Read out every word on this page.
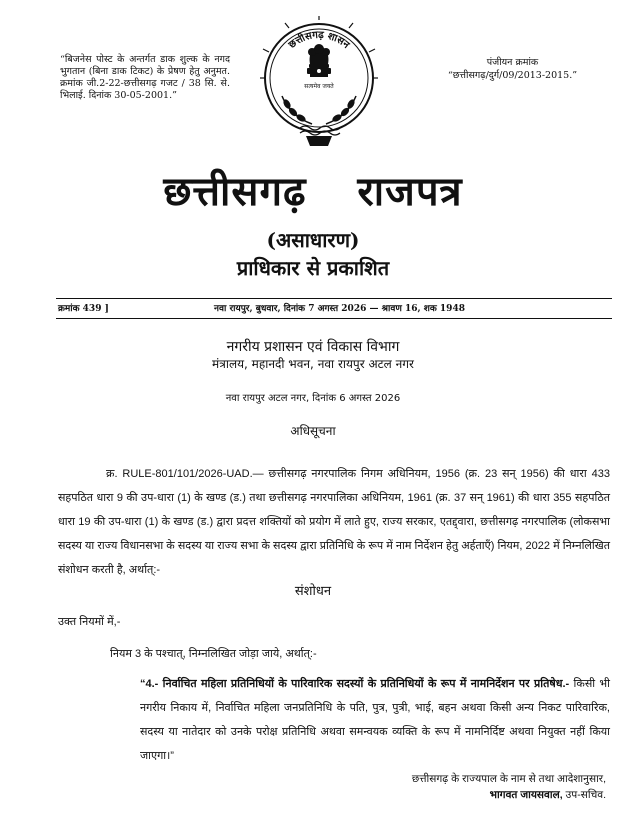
“बिजनेस पोस्ट के अन्तर्गत डाक शुल्क के नगद भुगतान (बिना डाक टिकट) के प्रेषण हेतु अनुमत. क्रमांक जी.2-22-छत्तीसगढ़ गजट / 38 सि. से. भिलाई. दिनांक 30-05-2001.”
पंजीयन क्रमांक
“छत्तीसगढ़/दुर्ग/09/2013-2015.”
छत्तीसगढ़ शासन
सत्यमेव जयते
छत्तीसगढ़ राजपत्र
(असाधारण)
प्राधिकार से प्रकाशित
क्रमांक 439 ]	नवा रायपुर, बुधवार, दिनांक 7 अगस्त 2026 — श्रावण 16, शक 1948
नगरीय प्रशासन एवं विकास विभाग
मंत्रालय, महानदी भवन, नवा रायपुर अटल नगर
नवा रायपुर अटल नगर, दिनांक 6 अगस्त 2026
अधिसूचना
क्र. RULE-801/101/2026-UAD.— छत्तीसगढ़ नगरपालिक निगम अधिनियम, 1956 (क्र. 23 सन् 1956) की धारा 433 सहपठित धारा 9 की उप-धारा (1) के खण्ड (ड.) तथा छत्तीसगढ़ नगरपालिका अधिनियम, 1961 (क्र. 37 सन् 1961) की धारा 355 सहपठित धारा 19 की उप-धारा (1) के खण्ड (ड.) द्वारा प्रदत्त शक्तियों को प्रयोग में लाते हुए, राज्य सरकार, एतद्द्वारा, छत्तीसगढ़ नगरपालिक (लोकसभा सदस्य या राज्य विधानसभा के सदस्य या राज्य सभा के सदस्य द्वारा प्रतिनिधि के रूप में नाम निर्देशन हेतु अर्हताएँ) नियम, 2022 में निम्नलिखित संशोधन करती है, अर्थात्:-
संशोधन
उक्त नियमों में,-
नियम 3 के पश्चात्, निम्नलिखित जोड़ा जाये, अर्थात्:-
“4.- निर्वाचित महिला प्रतिनिधियों के पारिवारिक सदस्यों के प्रतिनिधियों के रूप में नामनिर्देशन पर प्रतिषेध.- किसी भी नगरीय निकाय में, निर्वाचित महिला जनप्रतिनिधि के पति, पुत्र, पुत्री, भाई, बहन अथवा किसी अन्य निकट पारिवारिक, सदस्य या नातेदार को उनके परोक्ष प्रतिनिधि अथवा समन्वयक व्यक्ति के रूप में नामनिर्दिष्ट अथवा नियुक्त नहीं किया जाएगा।”
छत्तीसगढ़ के राज्यपाल के नाम से तथा आदेशानुसार,
भागवत जायसवाल, उप-सचिव.
